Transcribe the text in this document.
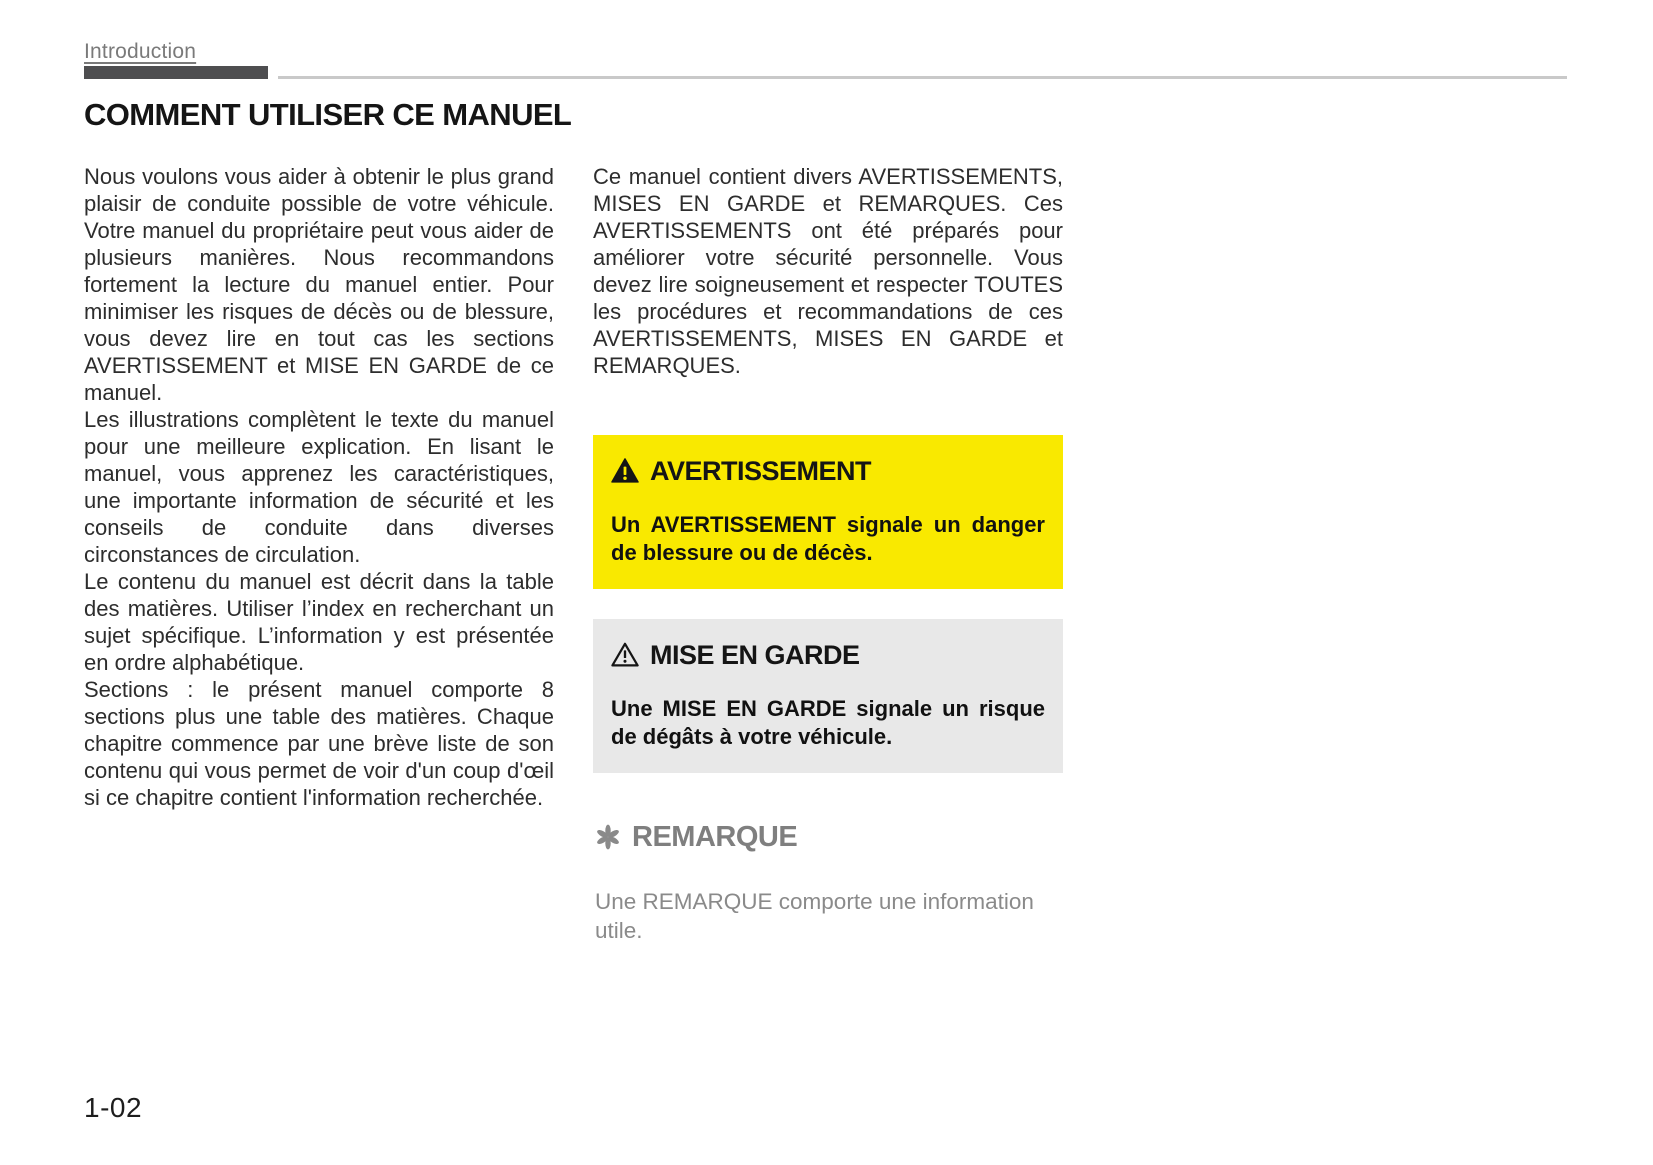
Introduction
COMMENT UTILISER CE MANUEL

Nous voulons vous aider à obtenir le plus grand plaisir de conduite possible de votre véhicule. Votre manuel du propriétaire peut vous aider de plusieurs manières. Nous recommandons fortement la lecture du manuel entier. Pour minimiser les risques de décès ou de blessure, vous devez lire en tout cas les sections AVERTISSEMENT et MISE EN GARDE de ce manuel.

Les illustrations complètent le texte du manuel pour une meilleure explication. En lisant le manuel, vous apprenez les caractéristiques, une importante information de sécurité et les conseils de conduite dans diverses circonstances de circulation.

Le contenu du manuel est décrit dans la table des matières. Utiliser l’index en recherchant un sujet spécifique. L’information y est présentée en ordre alphabétique.

Sections : le présent manuel comporte 8 sections plus une table des matières. Chaque chapitre commence par une brève liste de son contenu qui vous permet de voir d'un coup d'œil si ce chapitre contient l'information recherchée.

Ce manuel contient divers AVERTISSEMENTS, MISES EN GARDE et REMARQUES. Ces AVERTISSEMENTS ont été préparés pour améliorer votre sécurité personnelle. Vous devez lire soigneusement et respecter TOUTES les procédures et recommandations de ces AVERTISSEMENTS, MISES EN GARDE et REMARQUES.

AVERTISSEMENT
Un AVERTISSEMENT signale un danger de blessure ou de décès.
MISE EN GARDE
Une MISE EN GARDE signale un risque de dégâts à votre véhicule.
REMARQUE
Une REMARQUE comporte une information utile.
1-02
